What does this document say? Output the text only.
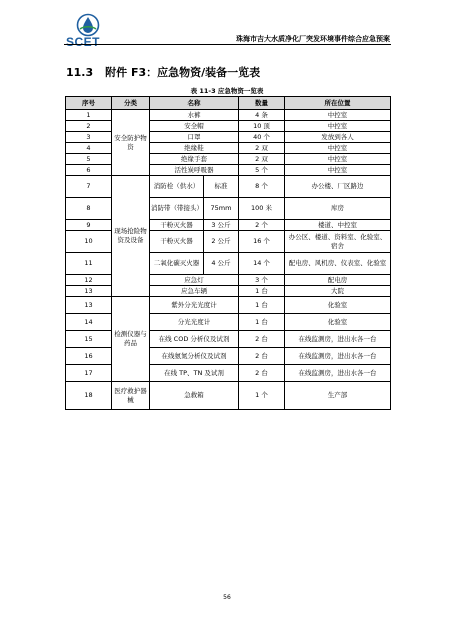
SCET	珠海市吉大水质净化厂突发环境事件综合应急预案
11.3 附件 F3：应急物资/装备一览表
表 11-3 应急物资一览表
序号	分类	名称		数量	所在位置
1	安全防护物资	水裤		4 条	中控室
2		安全帽		10 顶	中控室
3		口罩		40 个	发放到各人
4		绝缘鞋		2 双	中控室
5		绝缘手套		2 双	中控室
6		活性炭呼吸器		5 个	中控室
7	现场抢险物资及设备	消防栓（供水）	标准	8 个	办公楼、厂区路边
8		消防带（带接头）	75mm	100 米	库房
9		干粉灭火器	3 公斤	2 个	楼道、中控室
10		干粉灭火器	2 公斤	16 个	办公区、楼道、资料室、化验室、宿舍
11		二氧化碳灭火器	4 公斤	14 个	配电房、风机房、仪表室、化验室
12		应急灯		3 个	配电房
13		应急车辆		1 台	大院
13	检测仪器与药品	紫外分光光度计		1 台	化验室
14		分光光度计		1 台	化验室
15		在线 COD 分析仪及试剂		2 台	在线监测房，进出水各一台
16		在线氨氮分析仪及试剂		2 台	在线监测房，进出水各一台
17		在线 TP、TN 及试剂		2 台	在线监测房，进出水各一台
18	医疗救护器械	急救箱		1 个	生产部
56
